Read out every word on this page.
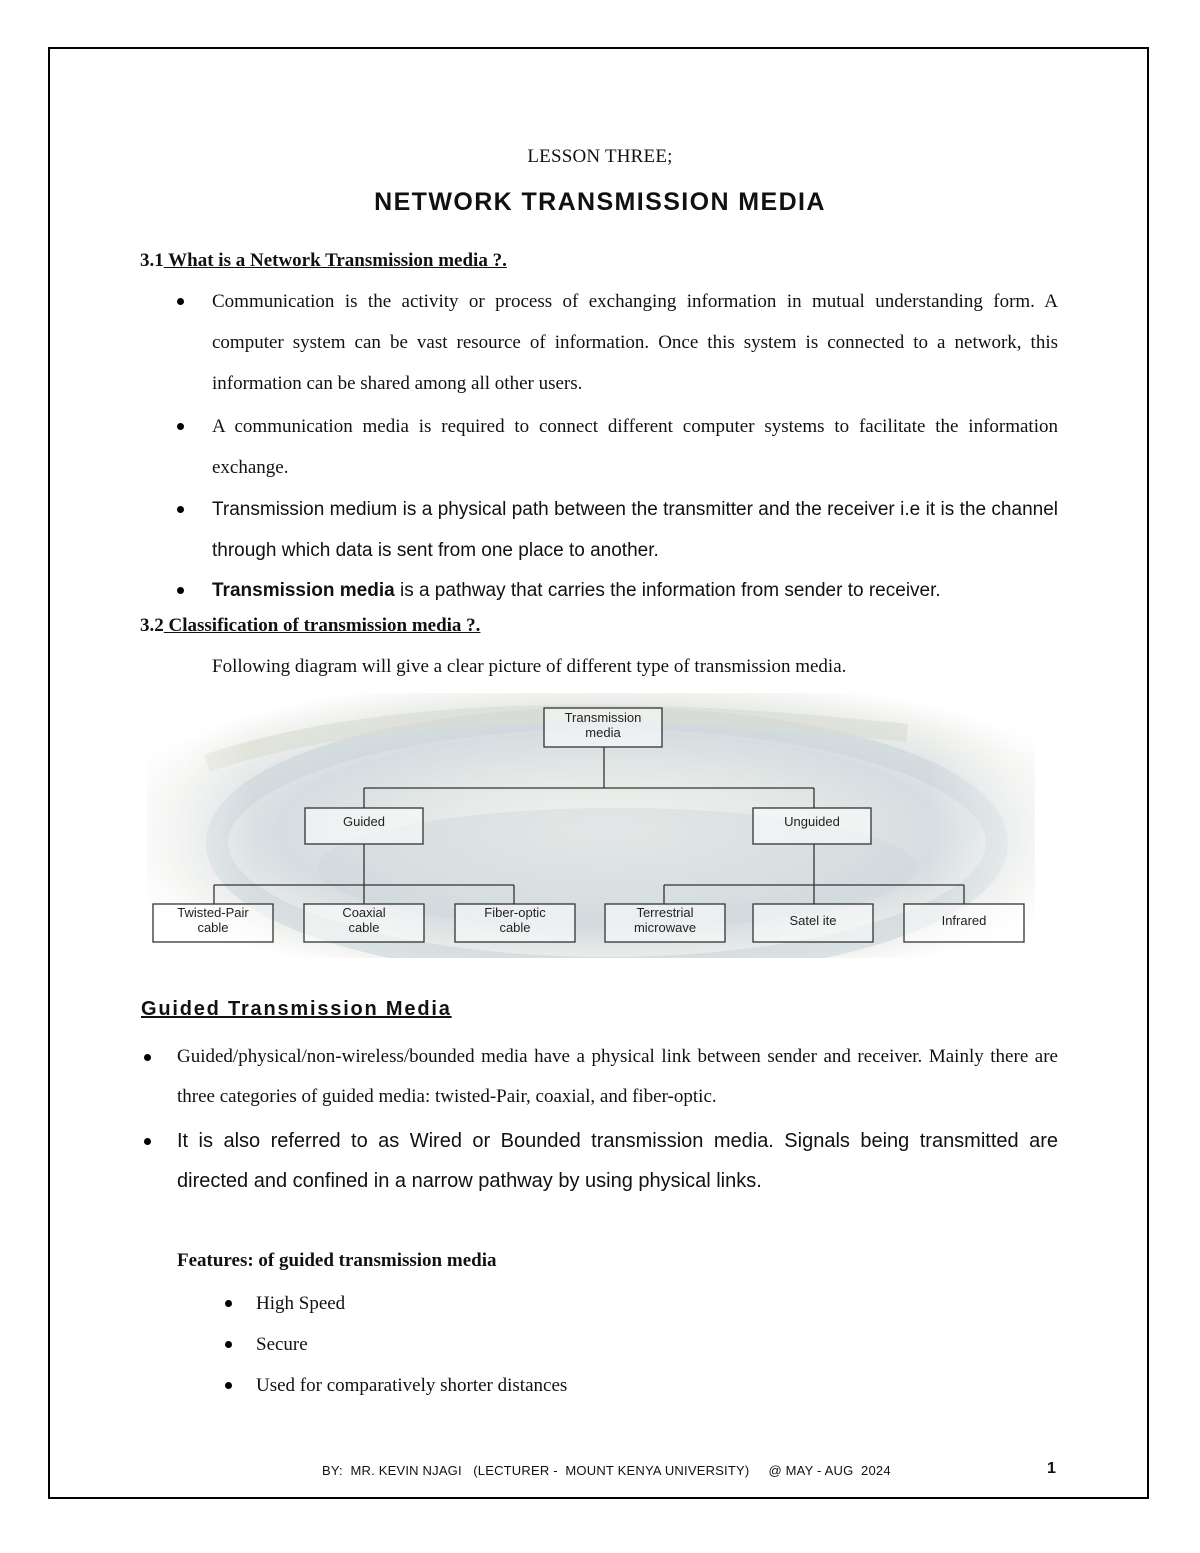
LESSON THREE;
NETWORK TRANSMISSION MEDIA
3.1 What is a Network Transmission media ?.
Communication is the activity or process of exchanging information in mutual understanding form. A computer system can be vast resource of information. Once this system is connected to a network, this information can be shared among all other users.
A communication media is required to connect different computer systems to facilitate the information exchange.
Transmission medium is a physical path between the transmitter and the receiver i.e it is the channel through which data is sent from one place to another.
Transmission media is a pathway that carries the information from sender to receiver.
3.2 Classification of transmission media ?.
Following diagram will give a clear picture of different type of transmission media.
Transmission
media
Guided	Unguided
Twisted-Pair
cable
Coaxial
cable
Fiber-optic
cable
Terrestrial
microwave	Satel ite	Infrared
Guided Transmission Media
Guided/physical/non-wireless/bounded media have a physical link between sender and receiver. Mainly there are three categories of guided media: twisted-Pair, coaxial, and fiber-optic.
It is also referred to as Wired or Bounded transmission media. Signals being transmitted are directed and confined in a narrow pathway by using physical links.
Features: of guided transmission media
High Speed
Secure
Used for comparatively shorter distances
BY:  MR. KEVIN NJAGI   (LECTURER -  MOUNT KENYA UNIVERSITY)     @ MAY - AUG  2024	1
